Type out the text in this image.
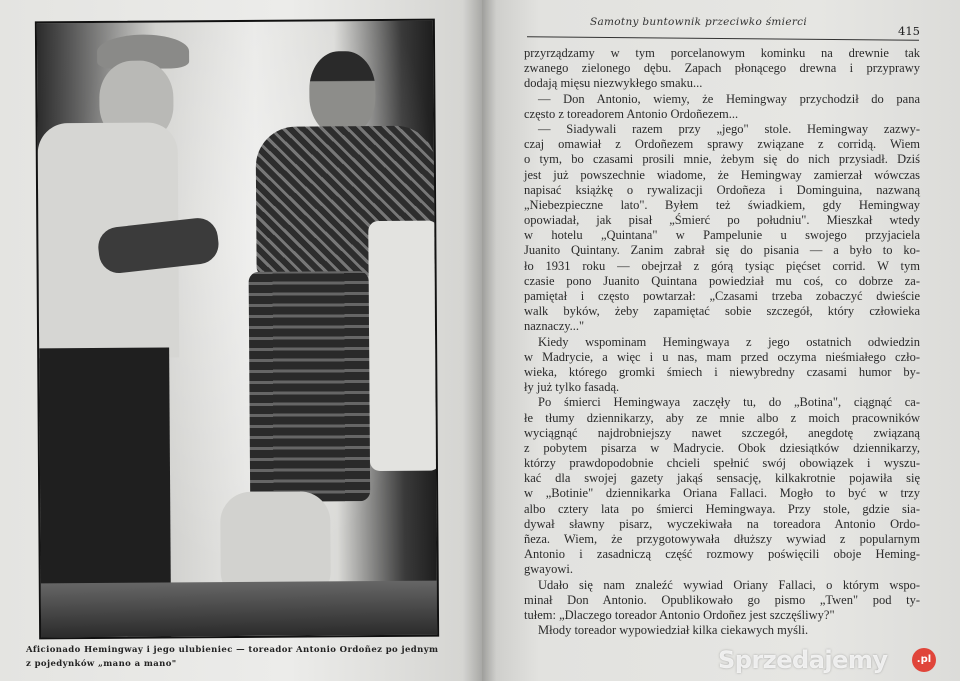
Aficionado Hemingway i jego ulubieniec — toreador Antonio Ordoñez po jednym z pojedynków „mano a mano"
Samotny buntownik przeciwko śmierci
415
przyrządzamy w tym porcelanowym kominku na drewnie tak
zwanego zielonego dębu. Zapach płonącego drewna i przyprawy
dodają mięsu niezwykłego smaku...
— Don Antonio, wiemy, że Hemingway przychodził do pana
często z toreadorem Antonio Ordoñezem...
— Siadywali razem przy „jego" stole. Hemingway zazwy-
czaj omawiał z Ordoñezem sprawy związane z corridą. Wiem
o tym, bo czasami prosili mnie, żebym się do nich przysiadł. Dziś
jest już powszechnie wiadome, że Hemingway zamierzał wówczas
napisać książkę o rywalizacji Ordoñeza i Dominguina, nazwaną
„Niebezpieczne lato". Byłem też świadkiem, gdy Hemingway
opowiadał, jak pisał „Śmierć po południu". Mieszkał wtedy
w hotelu „Quintana" w Pampelunie u swojego przyjaciela
Juanito Quintany. Zanim zabrał się do pisania — a było to ko-
ło 1931 roku — obejrzał z górą tysiąc pięćset corrid. W tym
czasie pono Juanito Quintana powiedział mu coś, co dobrze za-
pamiętał i często powtarzał: „Czasami trzeba zobaczyć dwieście
walk byków, żeby zapamiętać sobie szczegół, który człowieka
naznaczy..."
Kiedy wspominam Hemingwaya z jego ostatnich odwiedzin
w Madrycie, a więc i u nas, mam przed oczyma nieśmiałego czło-
wieka, którego gromki śmiech i niewybredny czasami humor by-
ły już tylko fasadą.
Po śmierci Hemingwaya zaczęły tu, do „Botina", ciągnąć ca-
łe tłumy dziennikarzy, aby ze mnie albo z moich pracowników
wyciągnąć najdrobniejszy nawet szczegół, anegdotę związaną
z pobytem pisarza w Madrycie. Obok dziesiątków dziennikarzy,
którzy prawdopodobnie chcieli spełnić swój obowiązek i wyszu-
kać dla swojej gazety jakąś sensację, kilkakrotnie pojawiła się
w „Botinie" dziennikarka Oriana Fallaci. Mogło to być w trzy
albo cztery lata po śmierci Hemingwaya. Przy stole, gdzie sia-
dywał sławny pisarz, wyczekiwała na toreadora Antonio Ordo-
ñeza. Wiem, że przygotowywała dłuższy wywiad z popularnym
Antonio i zasadniczą część rozmowy poświęcili oboje Heming-
gwayowi.
Udało się nam znaleźć wywiad Oriany Fallaci, o którym wspo-
minał Don Antonio. Opublikowało go pismo „Twen" pod ty-
tułem: „Dlaczego toreador Antonio Ordoñez jest szczęśliwy?"
Młody toreador wypowiedział kilka ciekawych myśli.
Sprzedajemy	.pl
